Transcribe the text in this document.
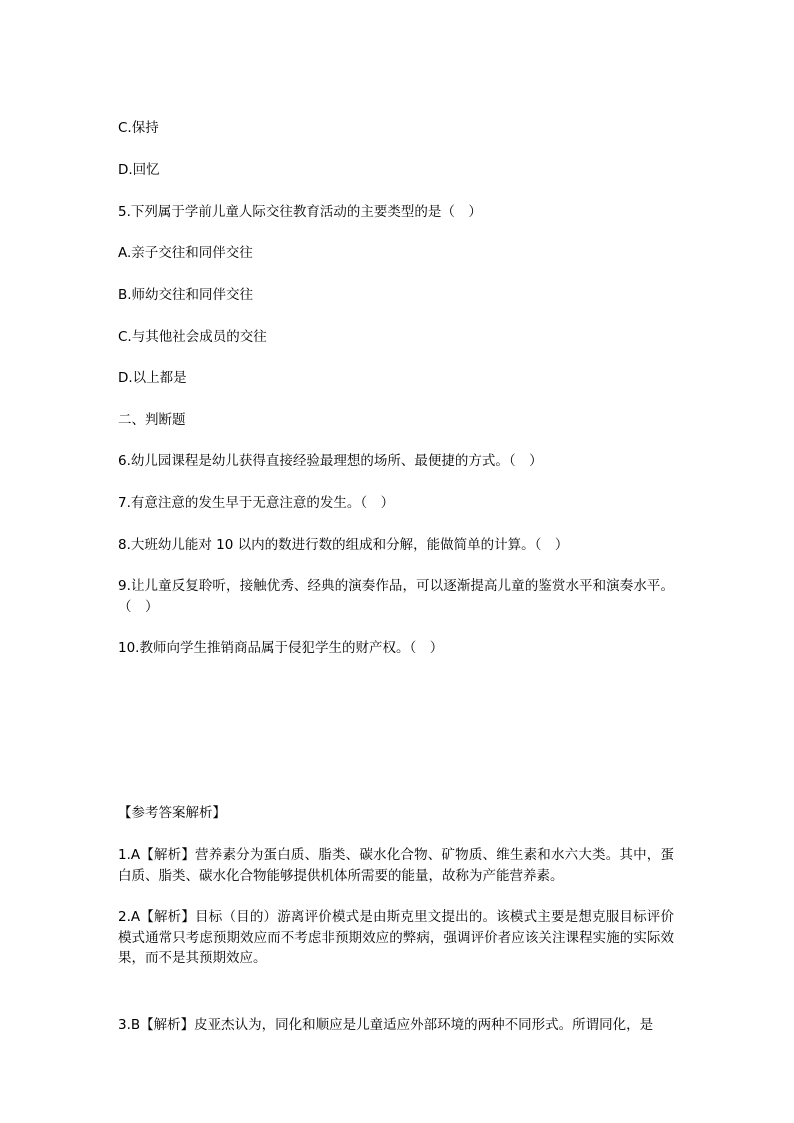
C.保持

D.回忆

5.下列属于学前儿童人际交往教育活动的主要类型的是（　）

A.亲子交往和同伴交往

B.师幼交往和同伴交往

C.与其他社会成员的交往

D.以上都是

二、判断题

6.幼儿园课程是幼儿获得直接经验最理想的场所、最便捷的方式。（　）

7.有意注意的发生早于无意注意的发生。（　）

8.大班幼儿能对 10 以内的数进行数的组成和分解，能做简单的计算。（　）

9.让儿童反复聆听，接触优秀、经典的演奏作品，可以逐渐提高儿童的鉴赏水平和演奏水平。（　）

10.教师向学生推销商品属于侵犯学生的财产权。（　）

【参考答案解析】

1.A【解析】营养素分为蛋白质、脂类、碳水化合物、矿物质、维生素和水六大类。其中，蛋白质、脂类、碳水化合物能够提供机体所需要的能量，故称为产能营养素。

2.A【解析】目标（目的）游离评价模式是由斯克里文提出的。该模式主要是想克服目标评价模式通常只考虑预期效应而不考虑非预期效应的弊病，强调评价者应该关注课程实施的实际效果，而不是其预期效应。

3.B【解析】皮亚杰认为，同化和顺应是儿童适应外部环境的两种不同形式。所谓同化，是
